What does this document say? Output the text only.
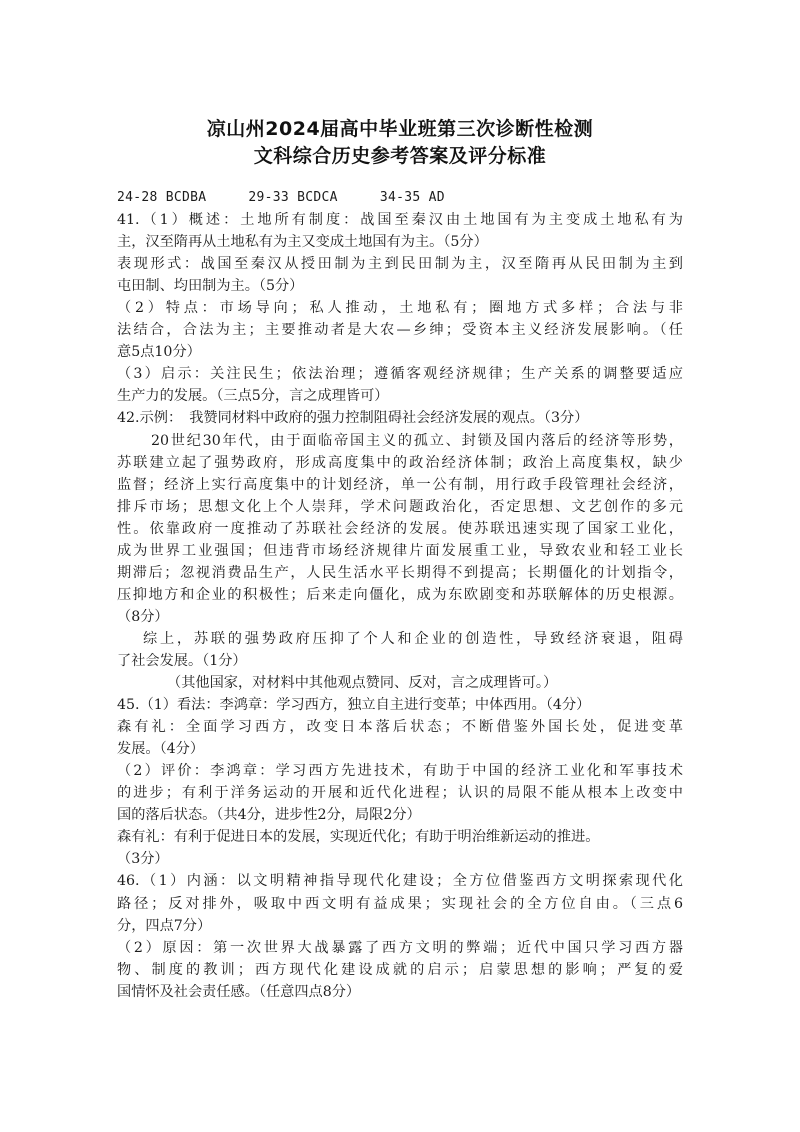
凉山州2024届高中毕业班第三次诊断性检测
文科综合历史参考答案及评分标准
24-28 BCDBA	29-33 BCDCA	34-35 AD
41.（1）概述：土地所有制度：战国至秦汉由土地国有为主变成土地私有为
主，汉至隋再从土地私有为主又变成土地国有为主。（5分）
表现形式：战国至秦汉从授田制为主到民田制为主，汉至隋再从民田制为主到
屯田制、均田制为主。（5分）
（2）特点：市场导向；私人推动，土地私有；圈地方式多样；合法与非
法结合，合法为主；主要推动者是大农—乡绅；受资本主义经济发展影响。（任
意5点10分）
（3）启示：关注民生；依法治理；遵循客观经济规律；生产关系的调整要适应
生产力的发展。（三点5分，言之成理皆可）
42.示例：　我赞同材料中政府的强力控制阻碍社会经济发展的观点。（3分）
20世纪30年代，由于面临帝国主义的孤立、封锁及国内落后的经济等形势，
苏联建立起了强势政府，形成高度集中的政治经济体制；政治上高度集权，缺少
监督；经济上实行高度集中的计划经济，单一公有制，用行政手段管理社会经济，
排斥市场；思想文化上个人崇拜，学术问题政治化，否定思想、文艺创作的多元
性。依靠政府一度推动了苏联社会经济的发展。使苏联迅速实现了国家工业化，
成为世界工业强国；但违背市场经济规律片面发展重工业，导致农业和轻工业长
期滞后；忽视消费品生产，人民生活水平长期得不到提高；长期僵化的计划指令，
压抑地方和企业的积极性；后来走向僵化，成为东欧剧变和苏联解体的历史根源。
（8分）
综上，苏联的强势政府压抑了个人和企业的创造性，导致经济衰退，阻碍
了社会发展。（1分）
（其他国家，对材料中其他观点赞同、反对，言之成理皆可。）
45.（1）看法：李鸿章：学习西方，独立自主进行变革；中体西用。（4分）
森有礼：全面学习西方，改变日本落后状态；不断借鉴外国长处，促进变革
发展。（4分）
（2）评价：李鸿章：学习西方先进技术，有助于中国的经济工业化和军事技术
的进步；有利于洋务运动的开展和近代化进程；认识的局限不能从根本上改变中
国的落后状态。（共4分，进步性2分，局限2分）
森有礼：有利于促进日本的发展，实现近代化；有助于明治维新运动的推进。
（3分）
46.（1）内涵：以文明精神指导现代化建设；全方位借鉴西方文明探索现代化
路径；反对排外，吸取中西文明有益成果；实现社会的全方位自由。（三点6
分，四点7分）
（2）原因：第一次世界大战暴露了西方文明的弊端；近代中国只学习西方器
物、制度的教训；西方现代化建设成就的启示；启蒙思想的影响；严复的爱
国情怀及社会责任感。（任意四点8分）
